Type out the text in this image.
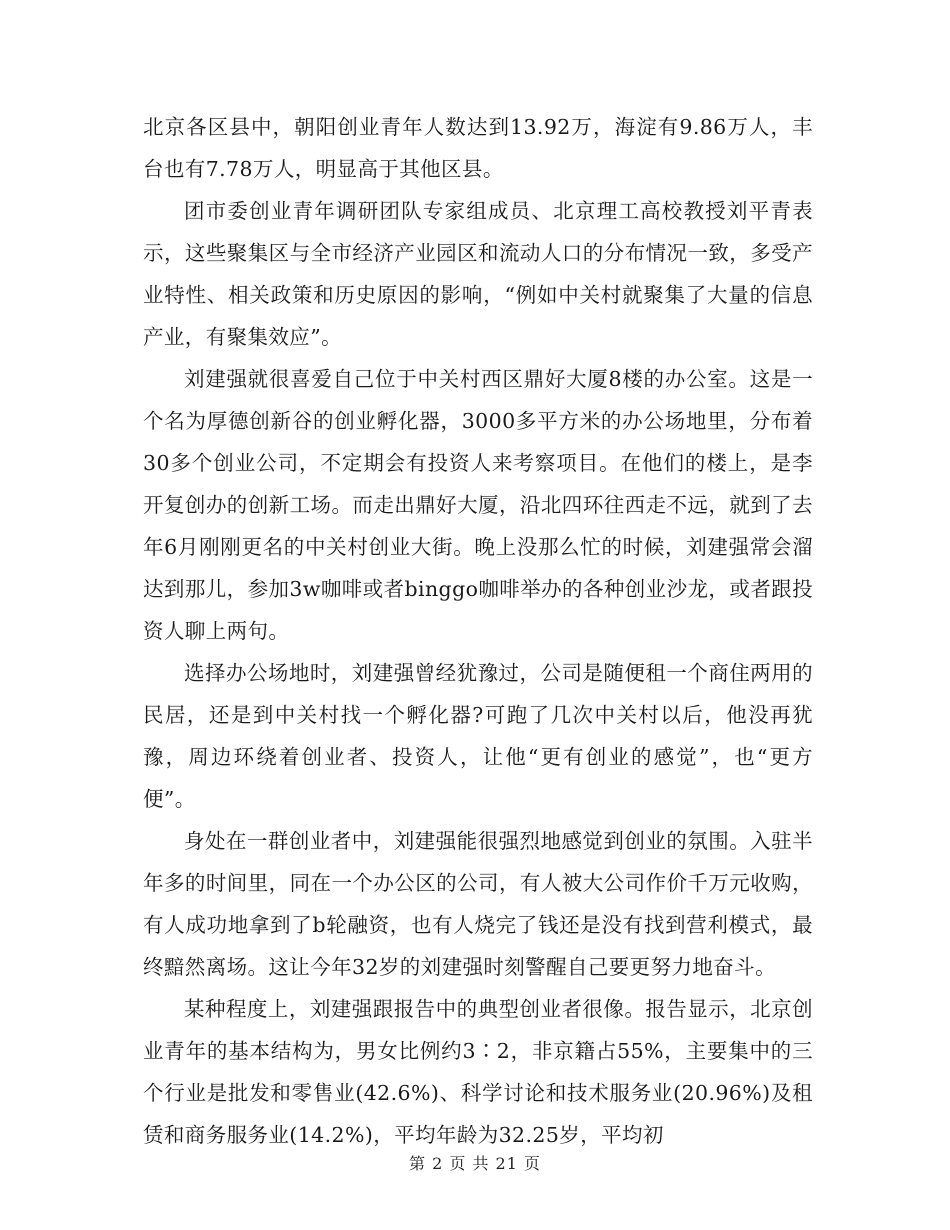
北京各区县中，朝阳创业青年人数达到13.92万，海淀有9.86万人，丰台也有7.78万人，明显高于其他区县。

团市委创业青年调研团队专家组成员、北京理工高校教授刘平青表示，这些聚集区与全市经济产业园区和流动人口的分布情况一致，多受产业特性、相关政策和历史原因的影响，“例如中关村就聚集了大量的信息产业，有聚集效应”。

刘建强就很喜爱自己位于中关村西区鼎好大厦8楼的办公室。这是一个名为厚德创新谷的创业孵化器，3000多平方米的办公场地里，分布着30多个创业公司，不定期会有投资人来考察项目。在他们的楼上，是李开复创办的创新工场。而走出鼎好大厦，沿北四环往西走不远，就到了去年6月刚刚更名的中关村创业大街。晚上没那么忙的时候，刘建强常会溜达到那儿，参加3w咖啡或者binggo咖啡举办的各种创业沙龙，或者跟投资人聊上两句。

选择办公场地时，刘建强曾经犹豫过，公司是随便租一个商住两用的民居，还是到中关村找一个孵化器?可跑了几次中关村以后，他没再犹豫，周边环绕着创业者、投资人，让他“更有创业的感觉”，也“更方便”。

身处在一群创业者中，刘建强能很强烈地感觉到创业的氛围。入驻半年多的时间里，同在一个办公区的公司，有人被大公司作价千万元收购，有人成功地拿到了b轮融资，也有人烧完了钱还是没有找到营利模式，最终黯然离场。这让今年32岁的刘建强时刻警醒自己要更努力地奋斗。

某种程度上，刘建强跟报告中的典型创业者很像。报告显示，北京创业青年的基本结构为，男女比例约3∶2，非京籍占55%，主要集中的三个行业是批发和零售业(42.6%)、科学讨论和技术服务业(20.96%)及租赁和商务服务业(14.2%)，平均年龄为32.25岁，平均初

第 2 页 共 21 页
